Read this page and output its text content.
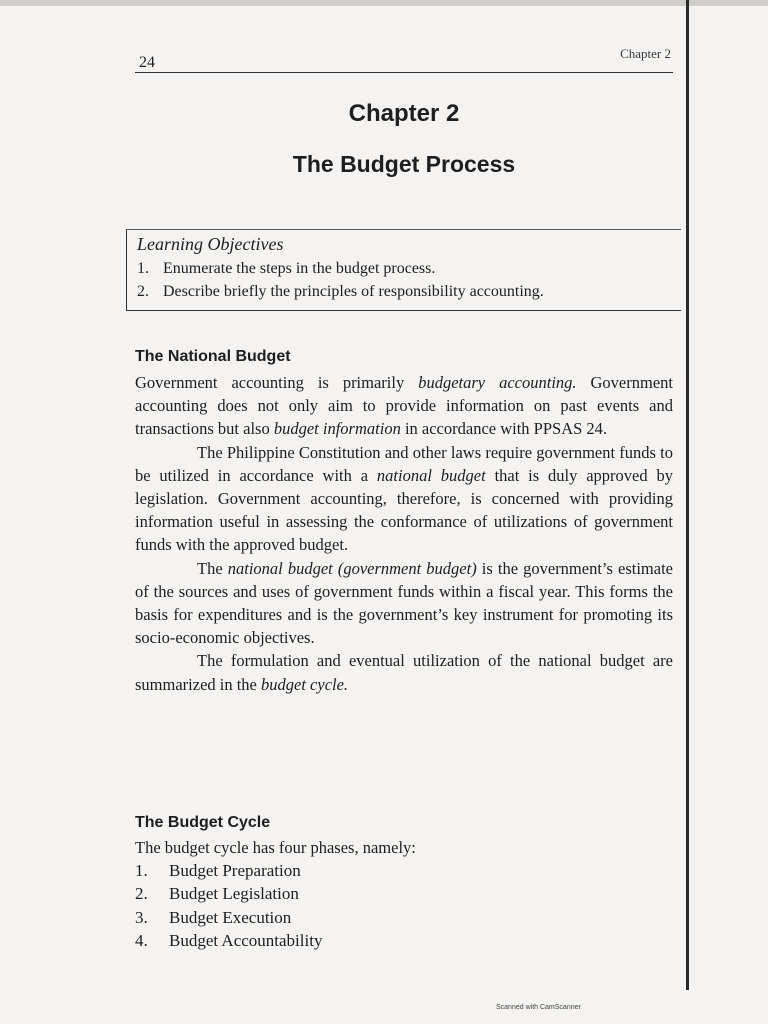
24
Chapter 2
Chapter 2
The Budget Process
Learning Objectives
1. Enumerate the steps in the budget process.
2. Describe briefly the principles of responsibility accounting.
The National Budget

Government accounting is primarily budgetary accounting. Government accounting does not only aim to provide information on past events and transactions but also budget information in accordance with PPSAS 24.

The Philippine Constitution and other laws require government funds to be utilized in accordance with a national budget that is duly approved by legislation. Government accounting, therefore, is concerned with providing information useful in assessing the conformance of utilizations of government funds with the approved budget.

The national budget (government budget) is the government’s estimate of the sources and uses of government funds within a fiscal year. This forms the basis for expenditures and is the government’s key instrument for promoting its socio-economic objectives.

The formulation and eventual utilization of the national budget are summarized in the budget cycle.

The Budget Cycle
The budget cycle has four phases, namely:
1. Budget Preparation
2. Budget Legislation
3. Budget Execution
4. Budget Accountability
Scanned with CamScanner
